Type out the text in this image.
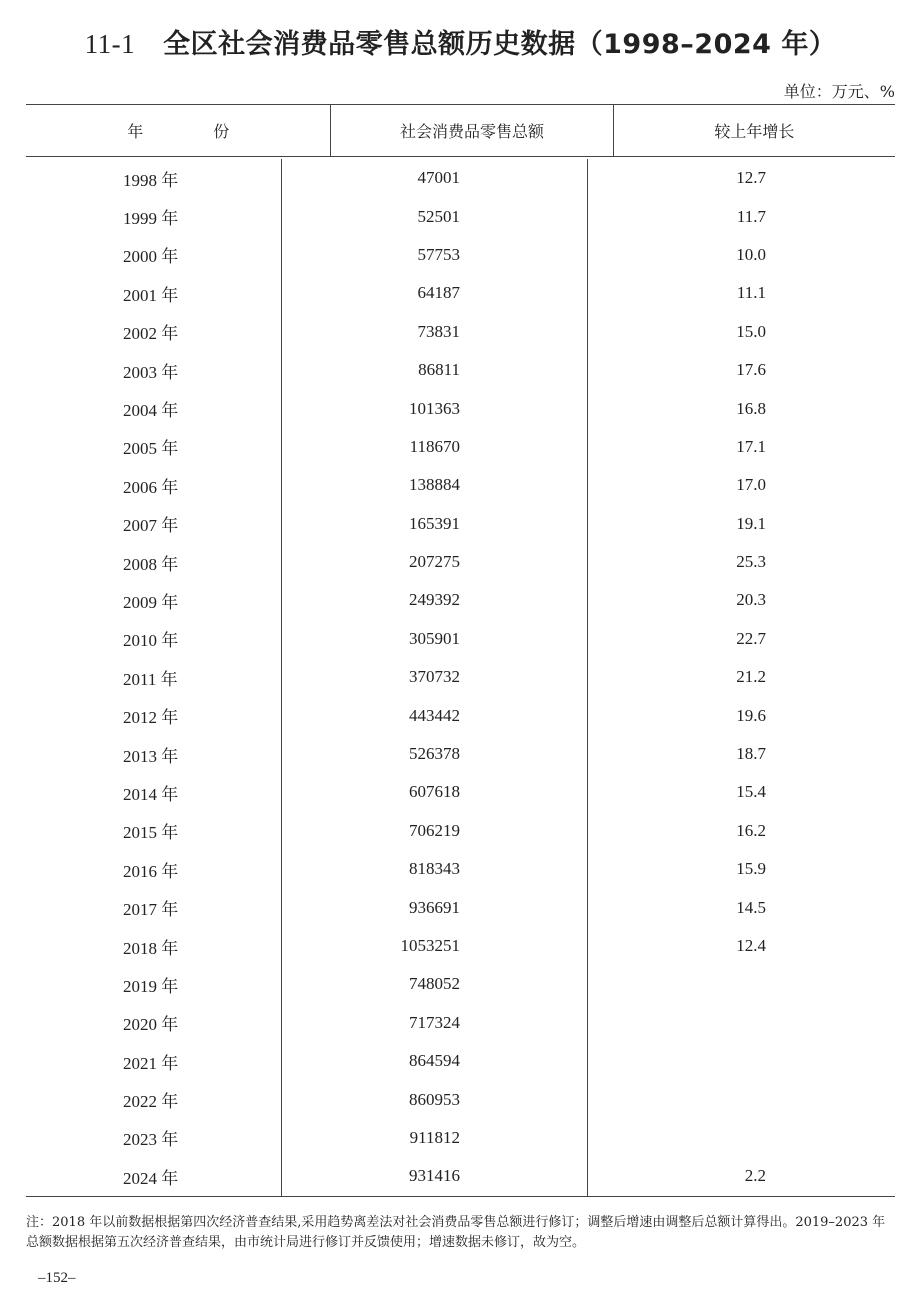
11-1 全区社会消费品零售总额历史数据（1998–2024 年）
单位：万元、%
年份	社会消费品零售总额	较上年增长
1998 年	47001	12.7
1999 年	52501	11.7
2000 年	57753	10.0
2001 年	64187	11.1
2002 年	73831	15.0
2003 年	86811	17.6
2004 年	101363	16.8
2005 年	118670	17.1
2006 年	138884	17.0
2007 年	165391	19.1
2008 年	207275	25.3
2009 年	249392	20.3
2010 年	305901	22.7
2011 年	370732	21.2
2012 年	443442	19.6
2013 年	526378	18.7
2014 年	607618	15.4
2015 年	706219	16.2
2016 年	818343	15.9
2017 年	936691	14.5
2018 年	1053251	12.4
2019 年	748052
2020 年	717324
2021 年	864594
2022 年	860953
2023 年	911812
2024 年	931416	2.2
注：2018 年以前数据根据第四次经济普查结果,采用趋势离差法对社会消费品零售总额进行修订；调整后增速由调整后总额计算得出。2019–2023 年总额数据根据第五次经济普查结果，由市统计局进行修订并反馈使用；增速数据未修订，故为空。
–152–
